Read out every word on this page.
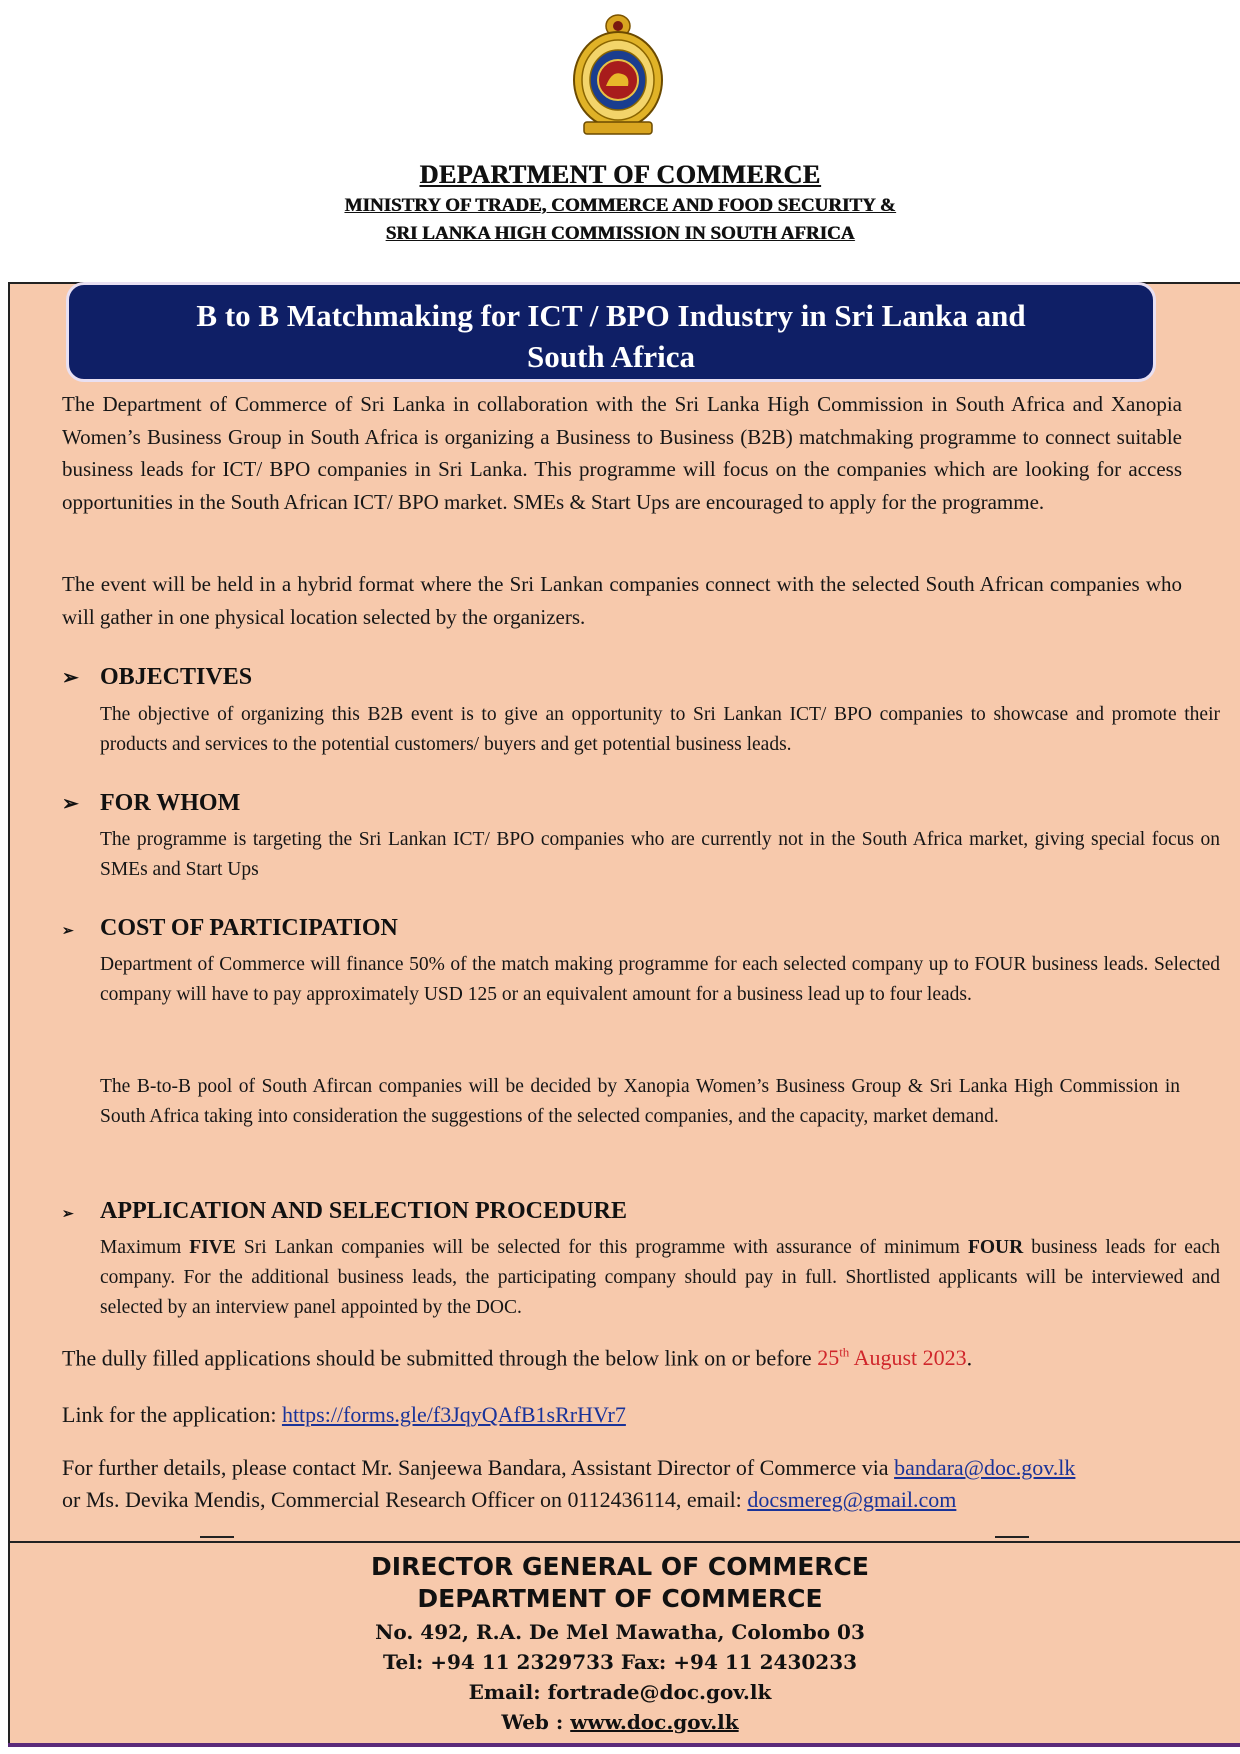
DEPARTMENT OF COMMERCE
MINISTRY OF TRADE, COMMERCE AND FOOD SECURITY &
SRI LANKA HIGH COMMISSION IN SOUTH AFRICA
B to B Matchmaking for ICT / BPO Industry in Sri Lanka and
South Africa
The Department of Commerce of Sri Lanka in collaboration with the Sri Lanka High Commission in South Africa and Xanopia Women’s Business Group in South Africa is organizing a Business to Business (B2B) matchmaking programme to connect suitable business leads for ICT/ BPO companies in Sri Lanka. This programme will focus on the companies which are looking for access opportunities in the South African ICT/ BPO market. SMEs & Start Ups are encouraged to apply for the programme.
The event will be held in a hybrid format where the Sri Lankan companies connect with the selected South African companies who will gather in one physical location selected by the organizers.
➢ OBJECTIVES
The objective of organizing this B2B event is to give an opportunity to Sri Lankan ICT/ BPO companies to showcase and promote their products and services to the potential customers/ buyers and get potential business leads.
➢ FOR WHOM
The programme is targeting the Sri Lankan ICT/ BPO companies who are currently not in the South Africa market, giving special focus on SMEs and Start Ups
➢ COST OF PARTICIPATION
Department of Commerce will finance 50% of the match making programme for each selected company up to FOUR business leads. Selected company will have to pay approximately USD 125 or an equivalent amount for a business lead up to four leads.
The B-to-B pool of South Afircan companies will be decided by Xanopia Women’s Business Group & Sri Lanka High Commission in South Africa taking into consideration the suggestions of the selected companies, and the capacity, market demand.
➢ APPLICATION AND SELECTION PROCEDURE
Maximum FIVE Sri Lankan companies will be selected for this programme with assurance of minimum FOUR business leads for each company. For the additional business leads, the participating company should pay in full. Shortlisted applicants will be interviewed and selected by an interview panel appointed by the DOC.
The dully filled applications should be submitted through the below link on or before 25th August 2023.
Link for the application: https://forms.gle/f3JqyQAfB1sRrHVr7
For further details, please contact Mr. Sanjeewa Bandara, Assistant Director of Commerce via bandara@doc.gov.lk
or Ms. Devika Mendis, Commercial Research Officer on 0112436114, email: docsmereg@gmail.com
DIRECTOR GENERAL OF COMMERCE
DEPARTMENT OF COMMERCE
No. 492, R.A. De Mel Mawatha, Colombo 03
Tel: +94 11 2329733 Fax: +94 11 2430233
Email: fortrade@doc.gov.lk
Web : www.doc.gov.lk
